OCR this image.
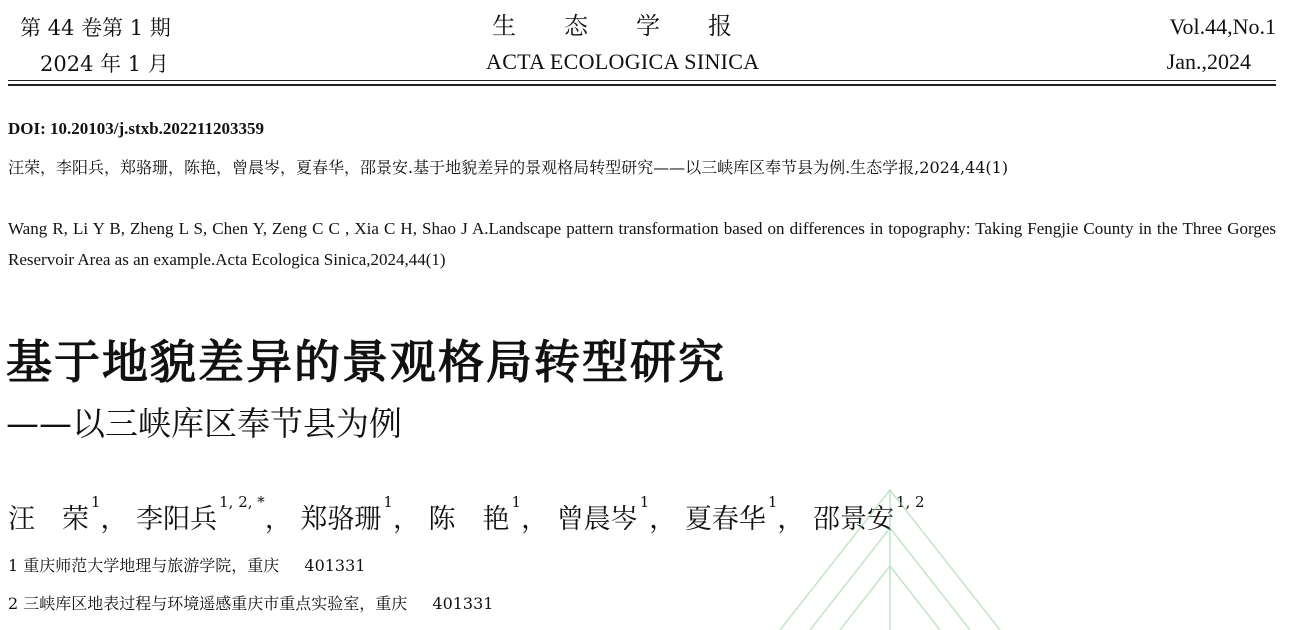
第 44 卷第 1 期
2024 年 1 月
生态学报
ACTA ECOLOGICA SINICA
Vol.44,No.1
Jan.,2024
DOI: 10.20103/j.stxb.202211203359
汪荣，李阳兵，郑骆珊，陈艳，曾晨岑，夏春华，邵景安.基于地貌差异的景观格局转型研究——以三峡库区奉节县为例.生态学报,2024,44(1)
Wang R, Li Y B, Zheng L S, Chen Y, Zeng C C , Xia C H, Shao J A.Landscape pattern transformation based on differences in topography: Taking Fengjie County in the Three Gorges Reservoir Area as an example.Acta Ecologica Sinica,2024,44(1)
基于地貌差异的景观格局转型研究
——以三峡库区奉节县为例
汪　荣$^1$， 李阳兵$^{1, 2, *}$， 郑骆珊$^1$， 陈　艳$^1$， 曾晨岑$^1$， 夏春华$^1$， 邵景安$^{1, 2}$
1 重庆师范大学地理与旅游学院，重庆 401331
2 三峡库区地表过程与环境遥感重庆市重点实验室，重庆 401331
